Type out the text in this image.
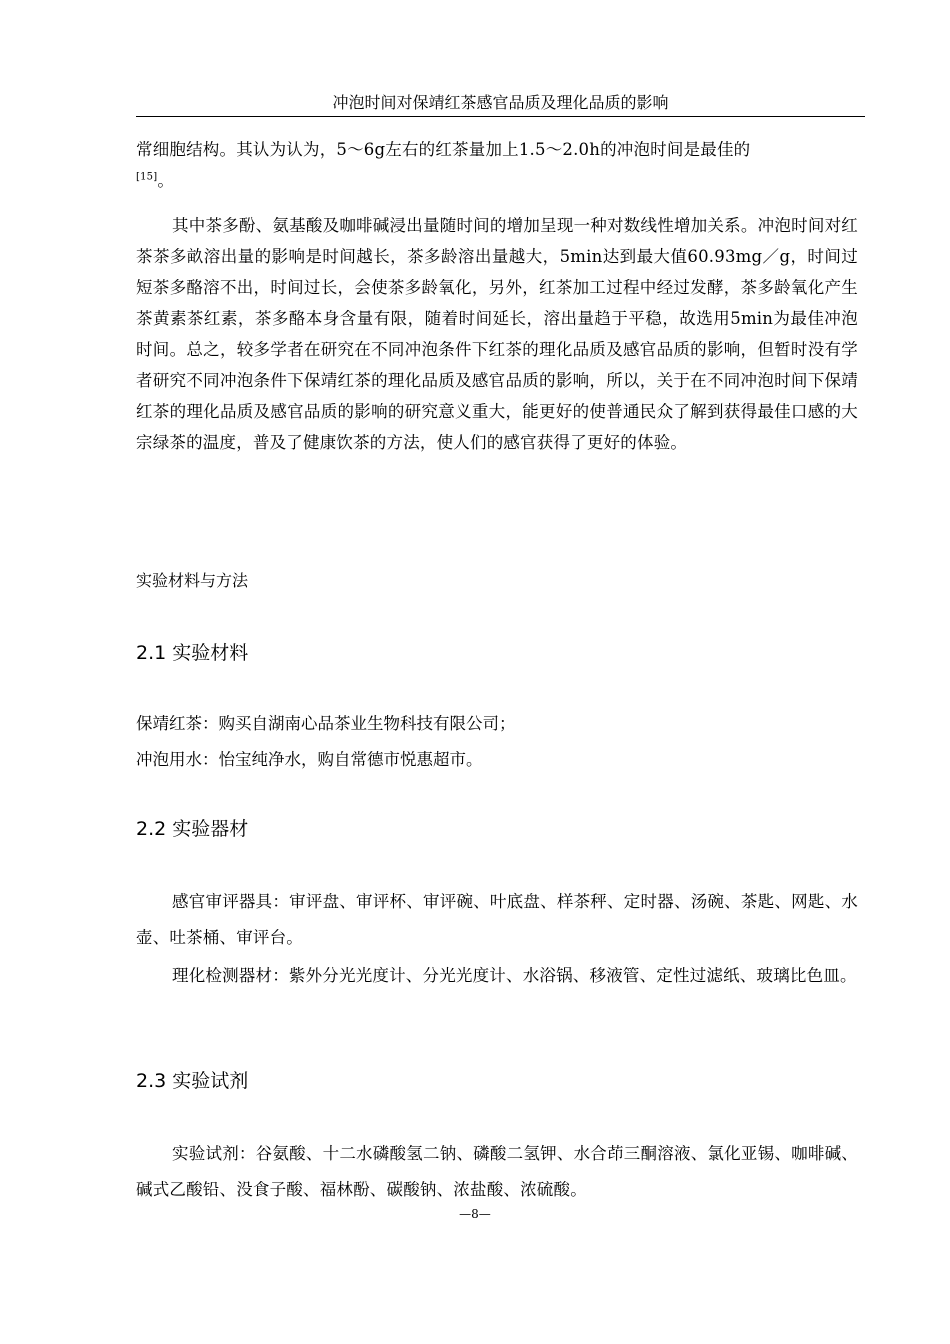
冲泡时间对保靖红茶感官品质及理化品质的影响
常细胞结构。其认为认为，5～6g左右的红茶量加上1.5～2.0h的冲泡时间是最佳的
[15]。
其中茶多酚、氨基酸及咖啡碱浸出量随时间的增加呈现一种对数线性增加关系。冲泡时间对红茶茶多畝溶出量的影响是时间越长，茶多龄溶出量越大，5min达到最大值60.93mg／g，时间过短茶多酪溶不出，时间过长，会使茶多龄氧化，另外，红茶加工过程中经过发酵，茶多龄氧化产生茶黄素茶红素，茶多酪本身含量有限，随着时间延长，溶出量趋于平稳，故选用5min为最佳冲泡时间。总之，较多学者在研究在不同冲泡条件下红茶的理化品质及感官品质的影响，但暂时没有学者研究不同冲泡条件下保靖红茶的理化品质及感官品质的影响，所以，关于在不同冲泡时间下保靖红茶的理化品质及感官品质的影响的研究意义重大，能更好的使普通民众了解到获得最佳口感的大宗绿茶的温度，普及了健康饮茶的方法，使人们的感官获得了更好的体验。
实验材料与方法
2.1 实验材料
保靖红茶：购买自湖南心品茶业生物科技有限公司；
冲泡用水：怡宝纯净水，购自常德市悦惠超市。
2.2 实验器材
感官审评器具：审评盘、审评杯、审评碗、叶底盘、样茶秤、定时器、汤碗、茶匙、网匙、水壶、吐茶桶、审评台。
理化检测器材：紫外分光光度计、分光光度计、水浴锅、移液管、定性过滤纸、玻璃比色皿。
2.3 实验试剂
实验试剂：谷氨酸、十二水磷酸氢二钠、磷酸二氢钾、水合茚三酮溶液、氯化亚锡、咖啡碱、碱式乙酸铅、没食子酸、福林酚、碳酸钠、浓盐酸、浓硫酸。
—8—
